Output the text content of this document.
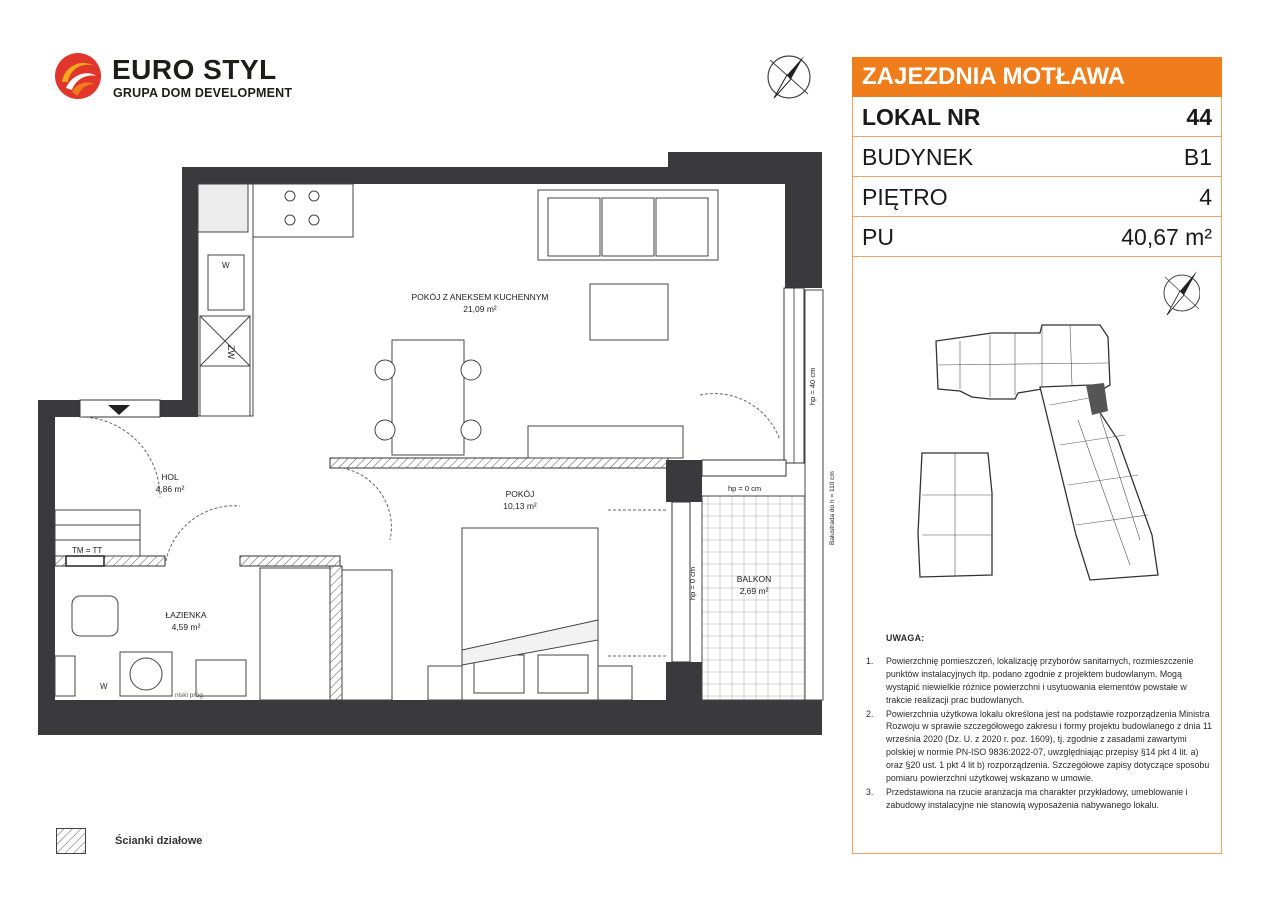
EURO STYL
GRUPA DOM DEVELOPMENT
ZAJEZDNIA MOTŁAWA
LOKAL NR	44
BUDYNEK	B1
PIĘTRO	4
PU	40,67 m²
UWAGA:
1. Powierzchnię pomieszczeń, lokalizację przyborów sanitarnych, rozmieszczenie punktów instalacyjnych itp. podano zgodnie z projektem budowlanym. Mogą wystąpić niewielkie różnice powierzchni i usytuowania elementów powstałe w trakcie realizacji prac budowlanych.
2. Powierzchnia użytkowa lokalu określona jest na podstawie rozporządzenia Ministra Rozwoju w sprawie szczegółowego zakresu i formy projektu budowlanego z dnia 11 września 2020 (Dz. U. z 2020 r. poz. 1609), tj. zgodnie z zasadami zawartymi polskiej w normie PN-ISO 9836:2022-07, uwzględniając przepisy §14 pkt 4 lit. a) oraz §20 ust. 1 pkt 4 lit b) rozporządzenia. Szczegółowe zapisy dotyczące sposobu pomiaru powierzchni użytkowej wskazano w umowie.
3. Przedstawiona na rzucie aranżacja ma charakter przykładowy, umeblowanie i zabudowy instalacyjne nie stanowią wyposażenia nabywanego lokalu.
W
ZW
TM = TT
W
niski próg
POKÓJ Z ANEKSEM KUCHENNYM
21,09 m²
HOL
4,86 m²	POKÓJ
10,13 m²
ŁAZIENKA
4,59 m²
BALKON
2,69 m²
hp = 0 cm
hp = 40 cm
hp = 0 cm
Balustrada do h = 110 cm
Ścianki działowe
